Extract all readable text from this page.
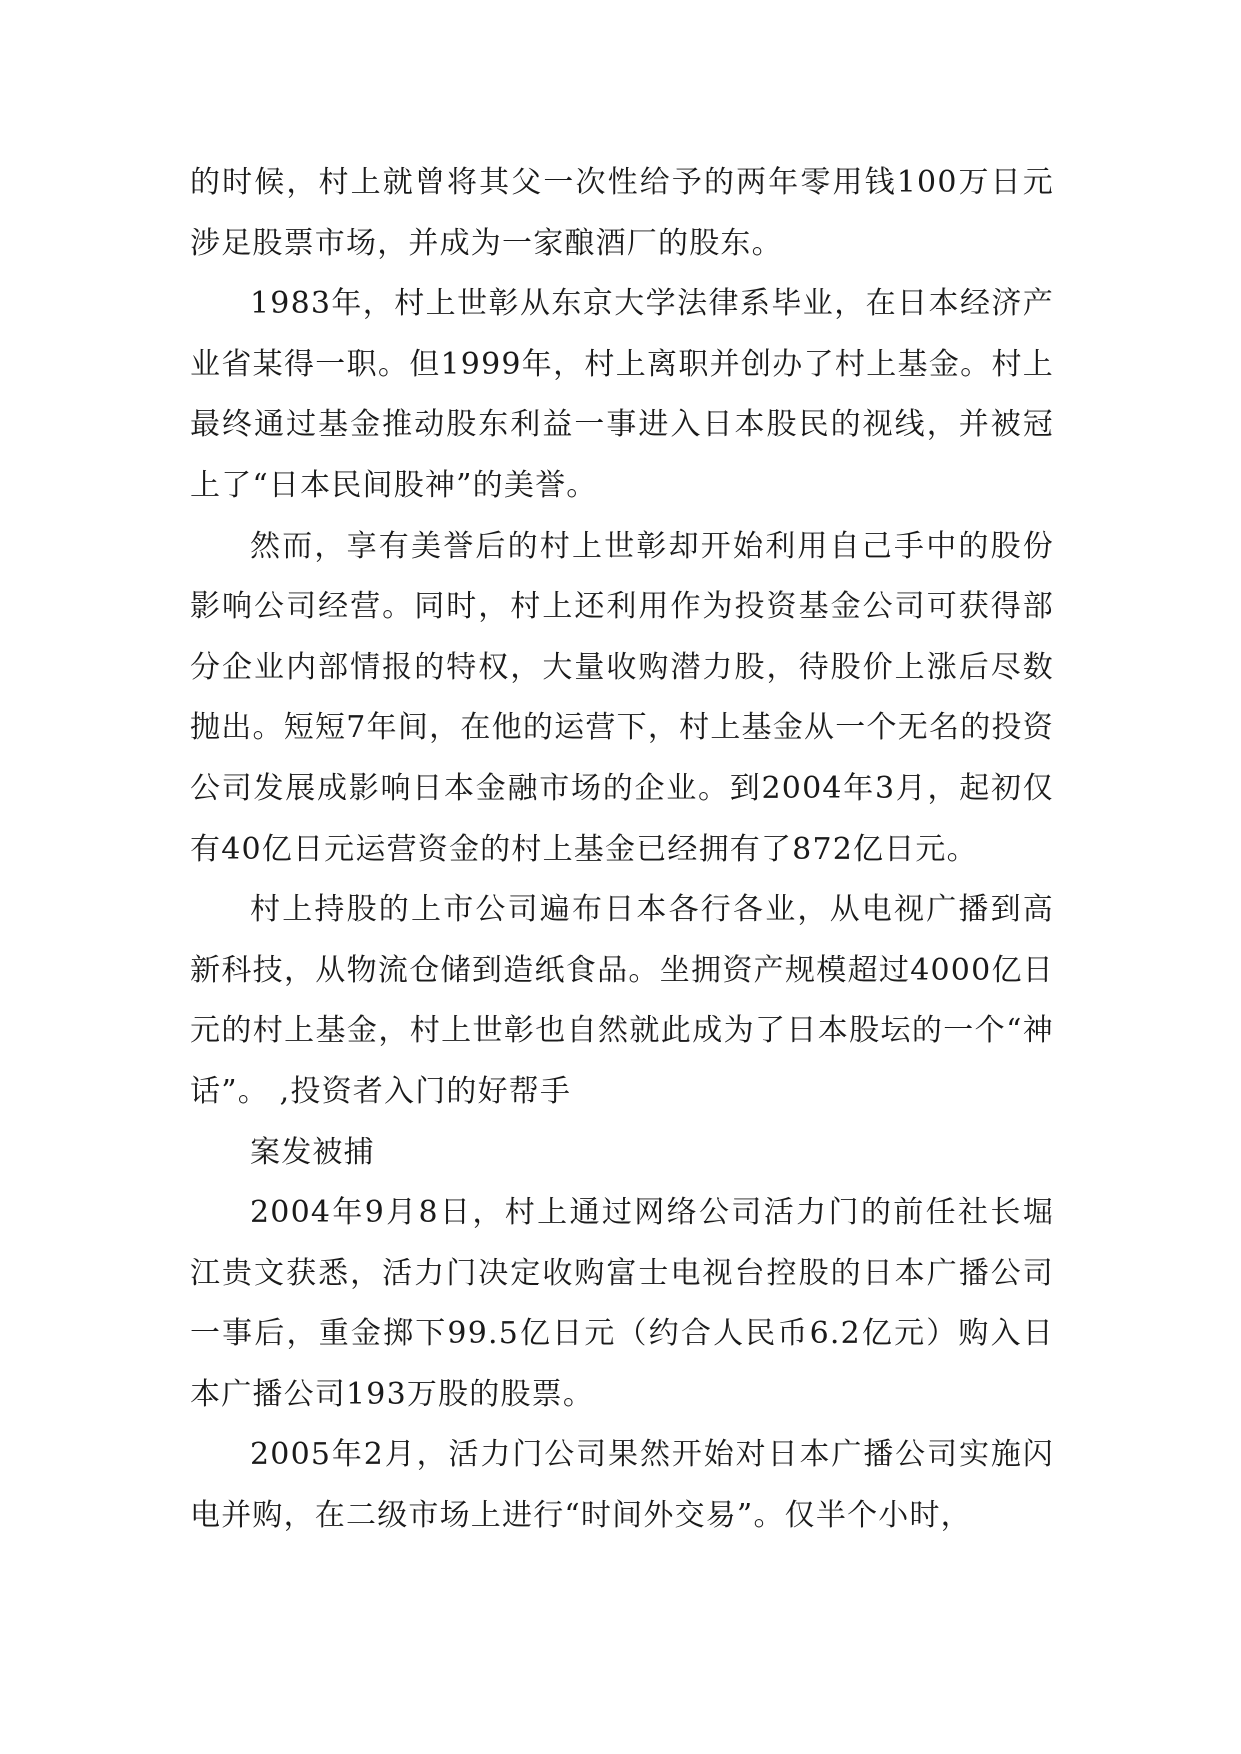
的时候，村上就曾将其父一次性给予的两年零用钱100万日元涉足股票市场，并成为一家酿酒厂的股东。

1983年，村上世彰从东京大学法律系毕业，在日本经济产业省某得一职。但1999年，村上离职并创办了村上基金。村上最终通过基金推动股东利益一事进入日本股民的视线，并被冠上了“日本民间股神”的美誉。

然而，享有美誉后的村上世彰却开始利用自己手中的股份影响公司经营。同时，村上还利用作为投资基金公司可获得部分企业内部情报的特权，大量收购潜力股，待股价上涨后尽数抛出。短短7年间，在他的运营下，村上基金从一个无名的投资公司发展成影响日本金融市场的企业。到2004年3月，起初仅有40亿日元运营资金的村上基金已经拥有了872亿日元。

村上持股的上市公司遍布日本各行各业，从电视广播到高新科技，从物流仓储到造纸食品。坐拥资产规模超过4000亿日元的村上基金，村上世彰也自然就此成为了日本股坛的一个“神话”。 ,投资者入门的好帮手

案发被捕

2004年9月8日，村上通过网络公司活力门的前任社长堀江贵文获悉，活力门决定收购富士电视台控股的日本广播公司一事后，重金掷下99.5亿日元（约合人民币6.2亿元）购入日本广播公司193万股的股票。

2005年2月，活力门公司果然开始对日本广播公司实施闪电并购，在二级市场上进行“时间外交易”。仅半个小时，
